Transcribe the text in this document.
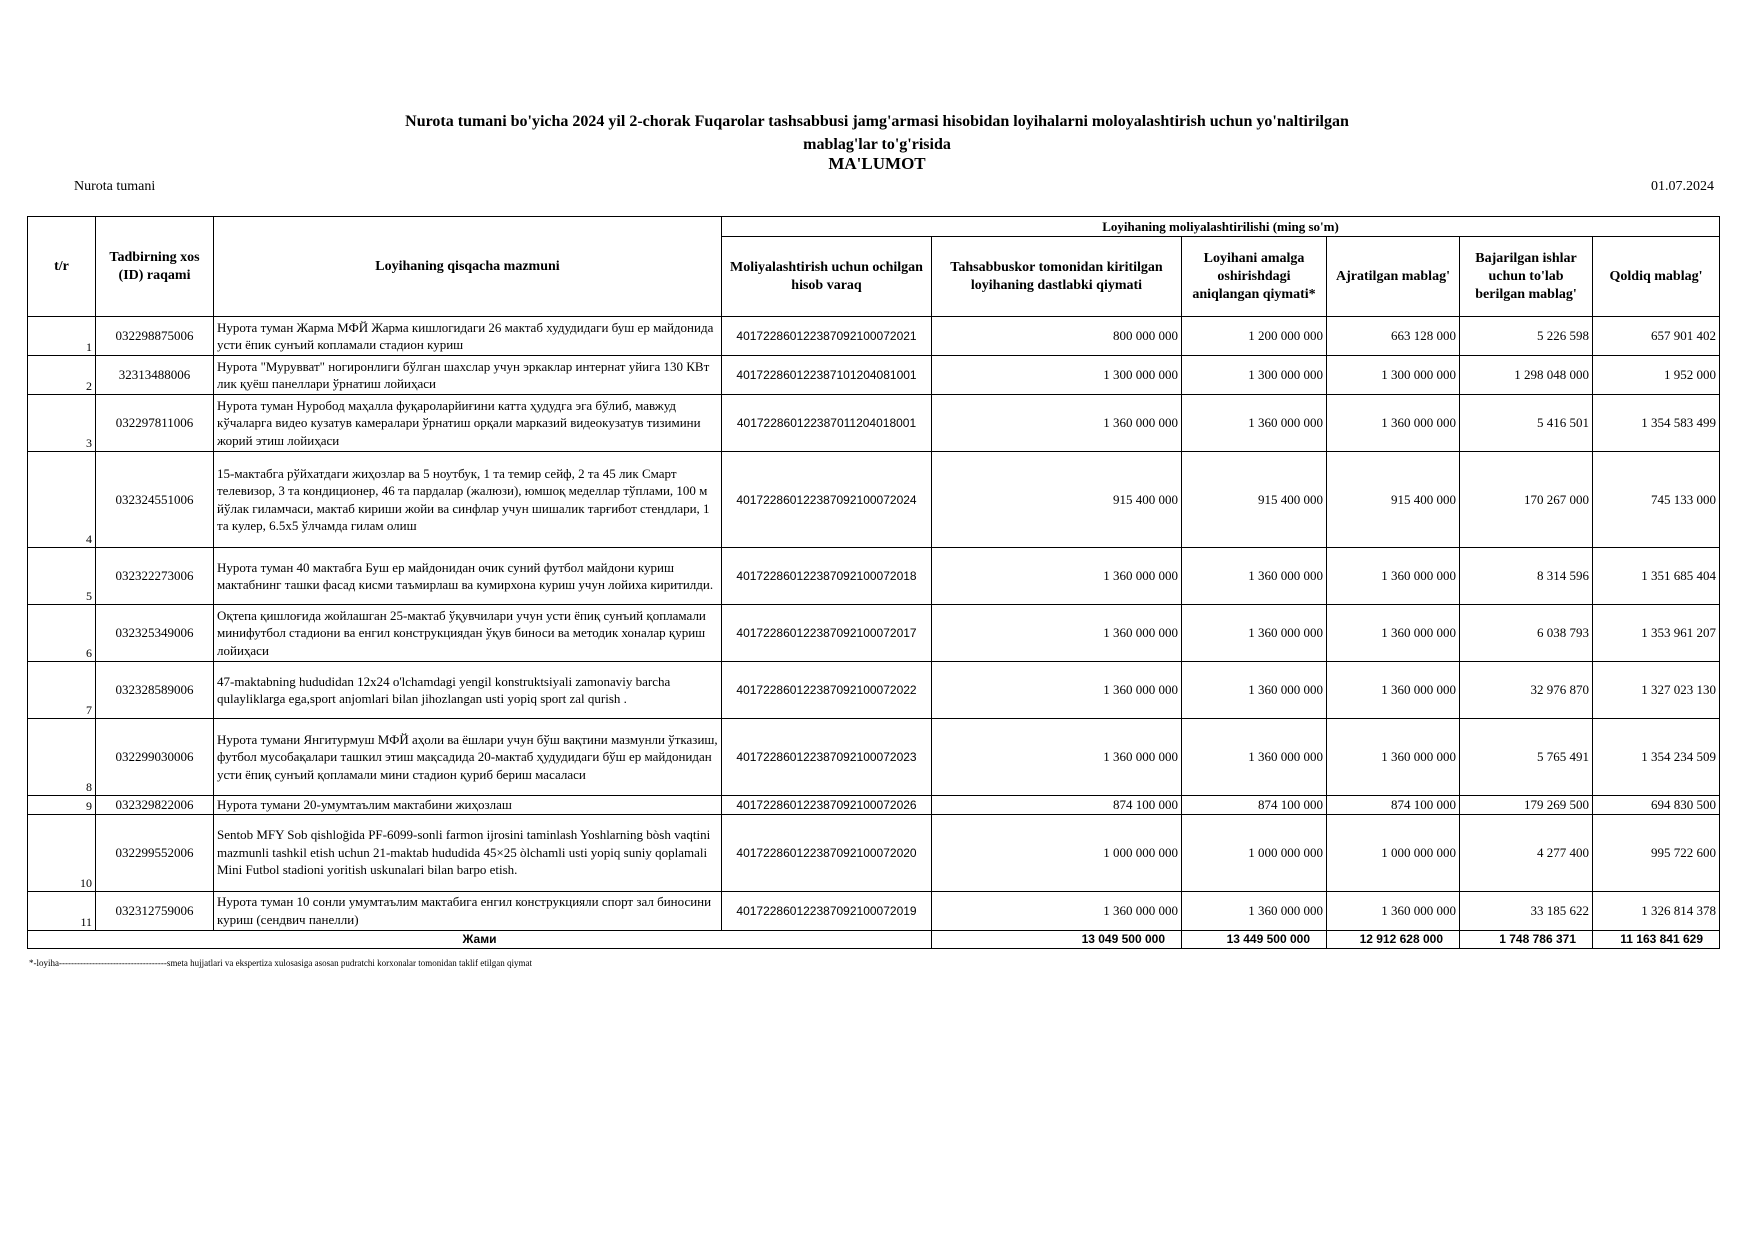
Nurota tumani bo'yicha 2024 yil 2-chorak Fuqarolar tashsabbusi jamg'armasi hisobidan loyihalarni moloyalashtirish uchun yo'naltirilgan
mablag'lar to'g'risida
MA'LUMOT
Nurota tumani	01.07.2024
t/r	Tadbirning xos (ID) raqami	Loyihaning qisqacha mazmuni	Loyihaning moliyalashtirilishi (ming so'm)					
			Moliyalashtirish uchun ochilgan hisob varaq	Tahsabbuskor tomonidan kiritilgan loyihaning dastlabki qiymati	Loyihani amalga oshirishdagi aniqlangan qiymati*	Ajratilgan mablag'	Bajarilgan ishlar uchun to'lab berilgan mablag'	Qoldiq mablag'
1	032298875006	Нурота туман Жарма МФЙ Жарма кишлогидаги 26 мактаб худудидаги буш ер майдонида усти ёпик сунъий копламали стадион куриш	401722860122387092100072021	800 000 000	1 200 000 000	663 128 000	5 226 598	657 901 402
2	32313488006	Нурота "Мурувват" ногиронлиги бўлган шахслар учун эркаклар интернат уйига 130 КВт лик қуёш панеллари ўрнатиш лойиҳаси	401722860122387101204081001	1 300 000 000	1 300 000 000	1 300 000 000	1 298 048 000	1 952 000
3	032297811006	Нурота туман Нуробод маҳалла фуқароларйиғини катта ҳудудга эга бўлиб, мавжуд кўчаларга видео кузатув камералари ўрнатиш орқали марказий видеокузатув тизимини жорий этиш лойиҳаси	401722860122387011204018001	1 360 000 000	1 360 000 000	1 360 000 000	5 416 501	1 354 583 499
4	032324551006	15-мактабга рўйхатдаги жиҳозлар ва 5 ноутбук, 1 та темир сейф, 2 та 45 лик Смарт телевизор, 3 та кондиционер, 46 та пардалар (жалюзи), юмшоқ меделлар тўплами, 100 м йўлак гиламчаси, мактаб кириши жойи ва синфлар учун шишалик тарғибот стендлари, 1 та кулер, 6.5х5 ўлчамда гилам олиш	401722860122387092100072024	915 400 000	915 400 000	915 400 000	170 267 000	745 133 000
5	032322273006	Нурота туман 40 мактабга Буш ер майдонидан очик суний футбол майдони куриш мактабнинг ташки фасад кисми таъмирлаш ва кумирхона куриш учун лойиха киритилди.	401722860122387092100072018	1 360 000 000	1 360 000 000	1 360 000 000	8 314 596	1 351 685 404
6	032325349006	Оқтепа қишлоғида жойлашган 25-мактаб ўқувчилари учун усти ёпиқ сунъий қопламали минифутбол стадиони ва енгил конструкциядан ўқув биноси ва методик хоналар қуриш лойиҳаси	401722860122387092100072017	1 360 000 000	1 360 000 000	1 360 000 000	6 038 793	1 353 961 207
7	032328589006	47-maktabning hududidan 12x24 o'lchamdagi yengil konstruktsiyali zamonaviy barcha qulayliklarga ega,sport anjomlari bilan jihozlangan usti yopiq sport zal qurish .	401722860122387092100072022	1 360 000 000	1 360 000 000	1 360 000 000	32 976 870	1 327 023 130
8	032299030006	Нурота тумани Янгитурмуш МФЙ аҳоли ва ёшлари учун бўш вақтини мазмунли ўтказиш, футбол мусобақалари ташкил этиш мақсадида 20-мактаб ҳудудидаги бўш ер майдонидан усти ёпиқ сунъий қопламали мини стадион қуриб бериш масаласи	401722860122387092100072023	1 360 000 000	1 360 000 000	1 360 000 000	5 765 491	1 354 234 509
9	032329822006	Нурота тумани 20-умумтаълим мактабини жиҳозлаш	401722860122387092100072026	874 100 000	874 100 000	874 100 000	179 269 500	694 830 500
10	032299552006	Sentob MFY Sob qishloğida PF-6099-sonli farmon ijrosini taminlash Yoshlarning bòsh vaqtini mazmunli tashkil etish uchun 21-maktab hududida 45×25 òlchamli usti yopiq suniy qoplamali Mini Futbol stadioni yoritish uskunalari bilan barpo etish.	401722860122387092100072020	1 000 000 000	1 000 000 000	1 000 000 000	4 277 400	995 722 600
11	032312759006	Нурота туман 10 сонли умумтаълим мактабига енгил конструкцияли спорт зал биносини куриш (сендвич панелли)	401722860122387092100072019	1 360 000 000	1 360 000 000	1 360 000 000	33 185 622	1 326 814 378
Жами				13 049 500 000	13 449 500 000	12 912 628 000	1 748 786 371	11 163 841 629
*-loyiha------------------------------------smeta hujjatlari va ekspertiza xulosasiga asosan pudratchi korxonalar tomonidan taklif etilgan qiymat
